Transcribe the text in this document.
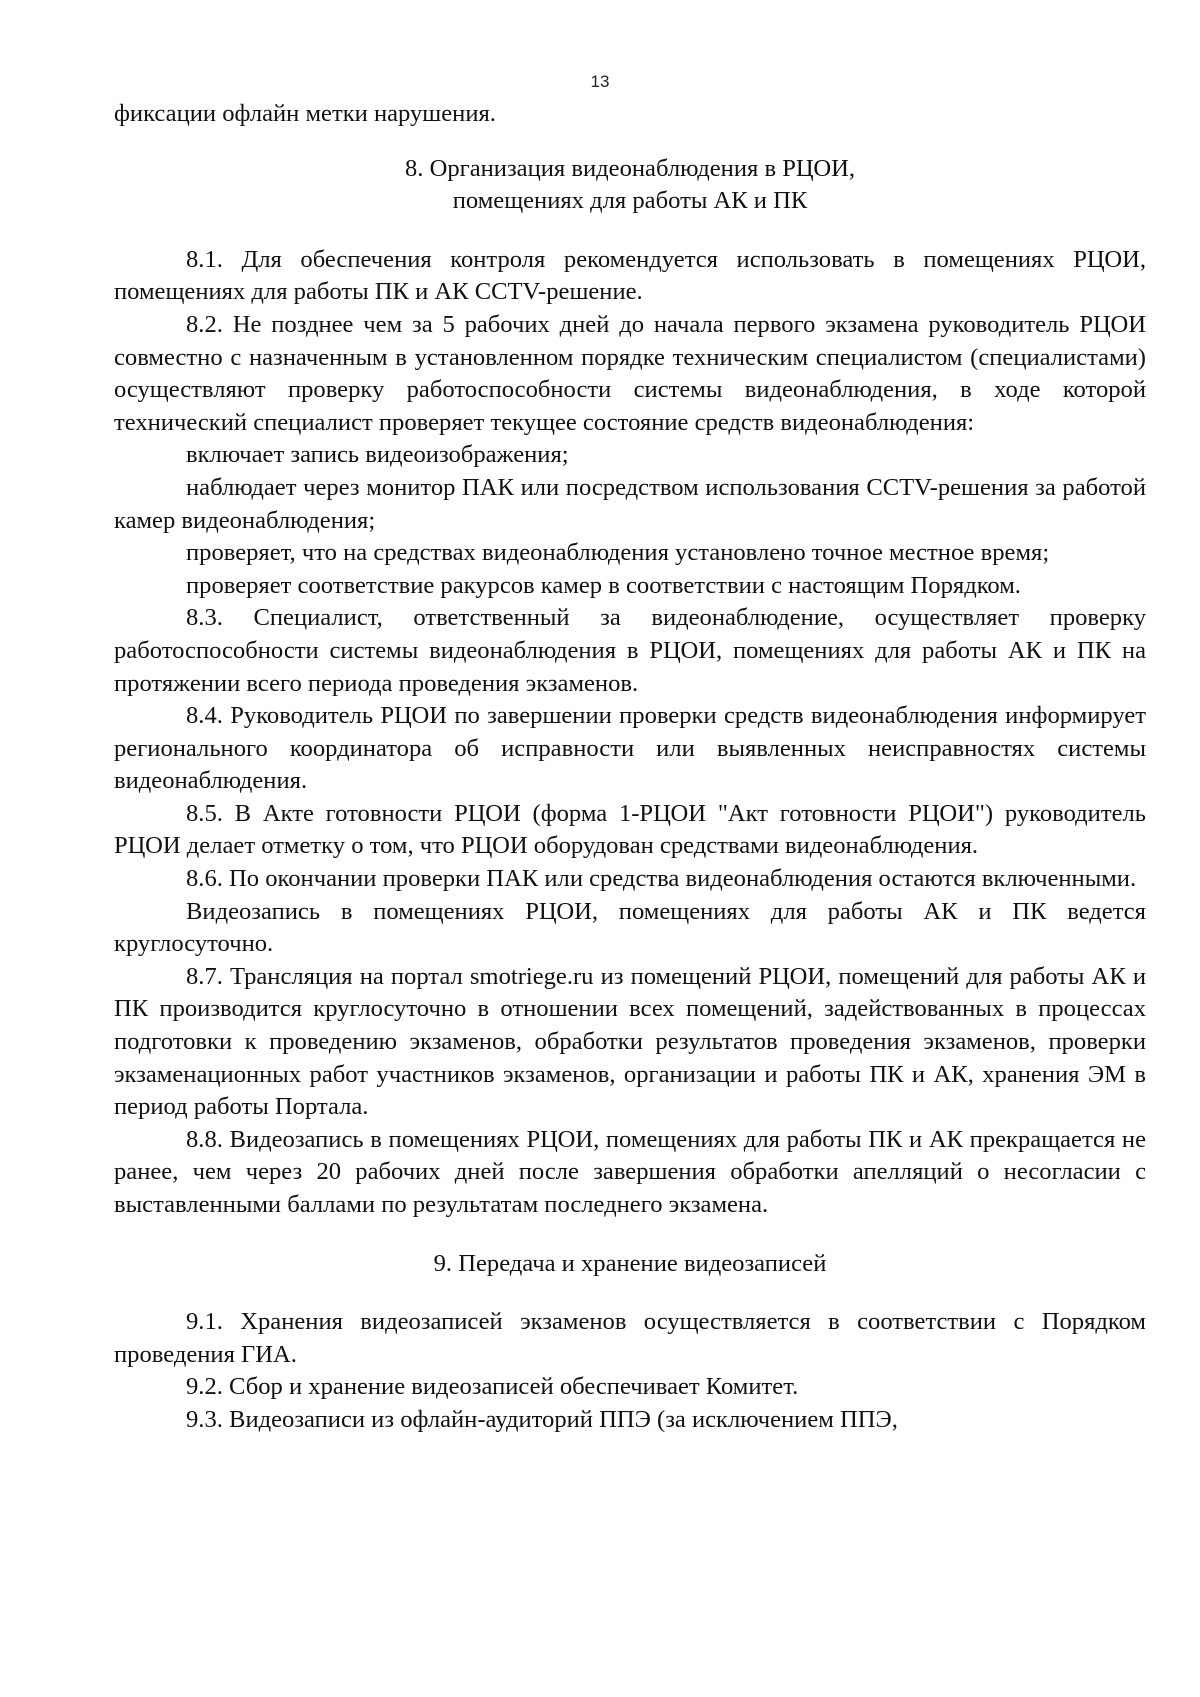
13

фиксации офлайн метки нарушения.

8. Организация видеонаблюдения в РЦОИ,

помещениях для работы АК и ПК

8.1. Для обеспечения контроля рекомендуется использовать в помещениях РЦОИ, помещениях для работы ПК и АК CCTV-решение.

8.2. Не позднее чем за 5 рабочих дней до начала первого экзамена руководитель РЦОИ совместно с назначенным в установленном порядке техническим специалистом (специалистами) осуществляют проверку работоспособности системы видеонаблюдения, в ходе которой технический специалист проверяет текущее состояние средств видеонаблюдения:

включает запись видеоизображения;

наблюдает через монитор ПАК или посредством использования CCTV-решения за работой камер видеонаблюдения;

проверяет, что на средствах видеонаблюдения установлено точное местное время;

проверяет соответствие ракурсов камер в соответствии с настоящим Порядком.

8.3. Специалист, ответственный за видеонаблюдение, осуществляет проверку работоспособности системы видеонаблюдения в РЦОИ, помещениях для работы АК и ПК на протяжении всего периода проведения экзаменов.

8.4. Руководитель РЦОИ по завершении проверки средств видеонаблюдения информирует регионального координатора об исправности или выявленных неисправностях системы видеонаблюдения.

8.5. В Акте готовности РЦОИ (форма 1-РЦОИ "Акт готовности РЦОИ") руководитель РЦОИ делает отметку о том, что РЦОИ оборудован средствами видеонаблюдения.

8.6. По окончании проверки ПАК или средства видеонаблюдения остаются включенными.

Видеозапись в помещениях РЦОИ, помещениях для работы АК и ПК ведется круглосуточно.

8.7. Трансляция на портал smotriege.ru из помещений РЦОИ, помещений для работы АК и ПК производится круглосуточно в отношении всех помещений, задействованных в процессах подготовки к проведению экзаменов, обработки результатов проведения экзаменов, проверки экзаменационных работ участников экзаменов, организации и работы ПК и АК, хранения ЭМ в период работы Портала.

8.8. Видеозапись в помещениях РЦОИ, помещениях для работы ПК и АК прекращается не ранее, чем через 20 рабочих дней после завершения обработки апелляций о несогласии с выставленными баллами по результатам последнего экзамена.

9. Передача и хранение видеозаписей

9.1. Хранения видеозаписей экзаменов осуществляется в соответствии с Порядком проведения ГИА.

9.2. Сбор и хранение видеозаписей обеспечивает Комитет.

9.3. Видеозаписи из офлайн-аудиторий ППЭ (за исключением ППЭ,
